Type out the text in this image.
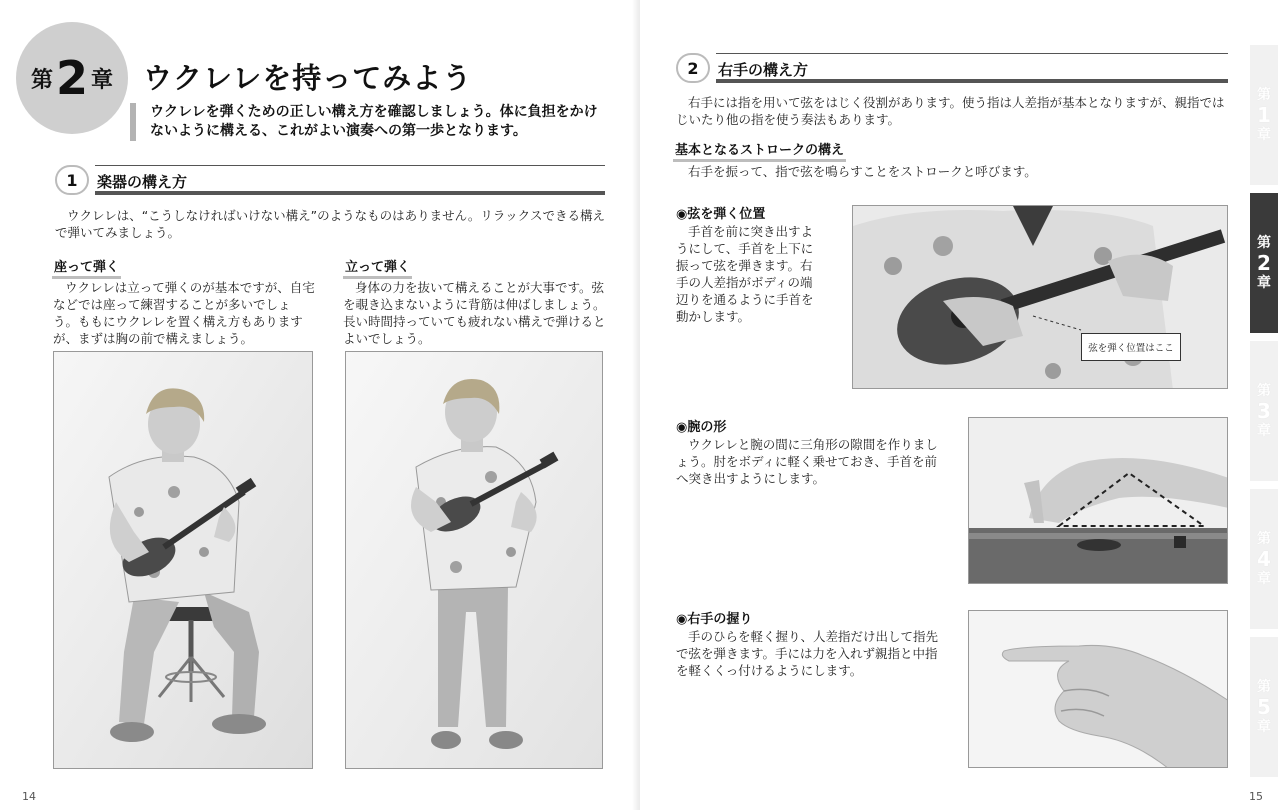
第 2 章 ウクレレを持ってみよう
ウクレレを弾くための正しい構え方を確認しましょう。体に負担をかけないように構える、これがよい演奏への第一歩となります。
1	楽器の構え方
ウクレレは、“こうしなければいけない構え”のようなものはありません。リラックスできる構えで弾いてみましょう。
座って弾く
ウクレレは立って弾くのが基本ですが、自宅などでは座って練習することが多いでしょう。ももにウクレレを置く構え方もありますが、まずは胸の前で構えましょう。
立って弾く
身体の力を抜いて構えることが大事です。弦を覗き込まないように背筋は伸ばしましょう。長い時間持っていても疲れない構えで弾けるとよいでしょう。
14
2	右手の構え方
右手には指を用いて弦をはじく役割があります。使う指は人差指が基本となりますが、親指ではじいたり他の指を使う奏法もあります。
基本となるストロークの構え
右手を振って、指で弦を鳴らすことをストロークと呼びます。
◉弦を弾く位置
手首を前に突き出すようにして、手首を上下に振って弦を弾きます。右手の人差指がボディの端辺りを通るように手首を動かします。
弦を弾く位置はここ
◉腕の形
ウクレレと腕の間に三角形の隙間を作りましょう。肘をボディに軽く乗せておき、手首を前へ突き出すようにします。
◉右手の握り
手のひらを軽く握り、人差指だけ出して指先で弦を弾きます。手には力を入れず親指と中指を軽くくっ付けるようにします。
15
第
1
章
第
2
章
第
3
章
第
4
章
第
5
章
